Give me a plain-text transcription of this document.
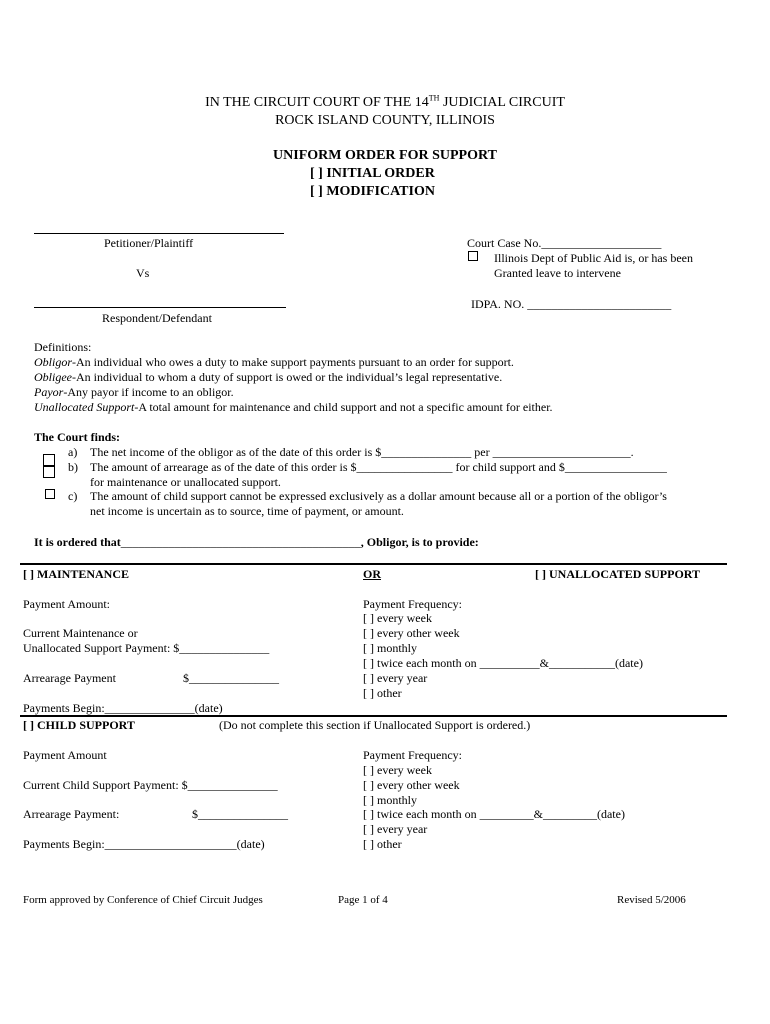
IN THE CIRCUIT COURT OF THE 14TH JUDICIAL CIRCUIT
ROCK ISLAND COUNTY, ILLINOIS
UNIFORM ORDER FOR SUPPORT
[ ] INITIAL ORDER
[ ] MODIFICATION
Petitioner/Plaintiff
Vs
Respondent/Defendant
Court Case No.____________________
Illinois Dept of Public Aid is, or has been
Granted leave to intervene
IDPA. NO. ________________________
Definitions:
Obligor-An individual who owes a duty to make support payments pursuant to an order for support.
Obligee-An individual to whom a duty of support is owed or the individual’s legal representative.
Payor-Any payor if income to an obligor.
Unallocated Support-A total amount for maintenance and child support and not a specific amount for either.
The Court finds:
a) The net income of the obligor as of the date of this order is $_______________ per _______________________.
b) The amount of arrearage as of the date of this order is $________________ for child support and $_________________
for maintenance or unallocated support.
c) The amount of child support cannot be expressed exclusively as a dollar amount because all or a portion of the obligor’s
net income is uncertain as to source, time of payment, or amount.
It is ordered that________________________________________, Obligor, is to provide:
[ ] MAINTENANCE	OR	[ ] UNALLOCATED SUPPORT
Payment Amount:
Current Maintenance or
Unallocated Support Payment: $_______________
Arrearage Payment	$_______________
Payments Begin:_______________(date)
Payment Frequency:
[ ] every week
[ ] every other week
[ ] monthly
[ ] twice each month on __________&___________(date)
[ ] every year
[ ] other
[ ] CHILD SUPPORT	(Do not complete this section if Unallocated Support is ordered.)
Payment Amount
Current Child Support Payment: $_______________
Arrearage Payment:	$_______________
Payments Begin:______________________(date)
Payment Frequency:
[ ] every week
[ ] every other week
[ ] monthly
[ ] twice each month on _________&_________(date)
[ ] every year
[ ] other
Form approved by Conference of Chief Circuit Judges	Page 1 of 4	Revised 5/2006
